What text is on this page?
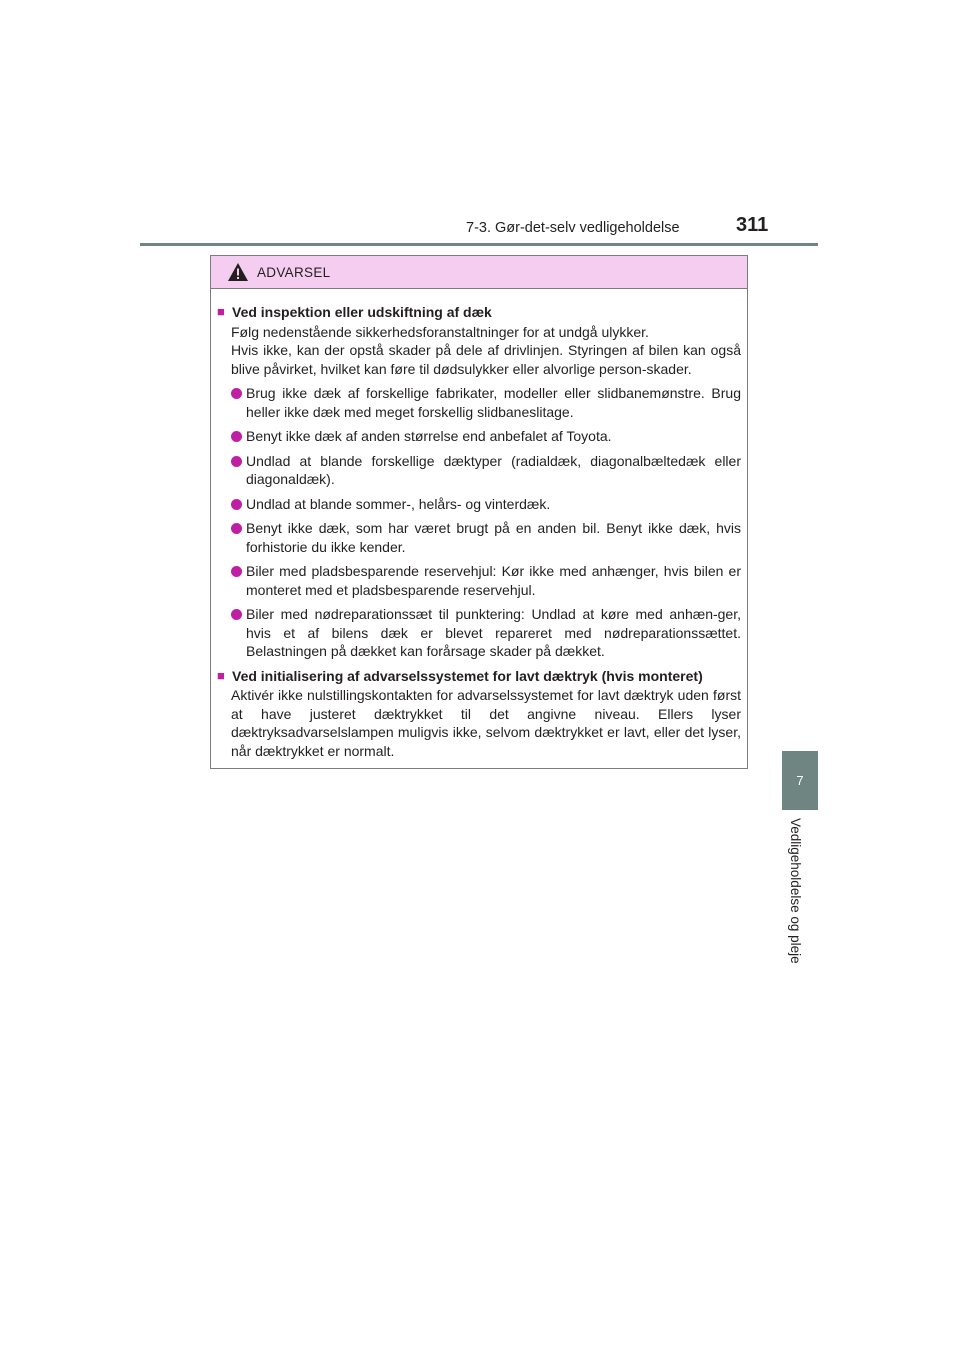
7-3. Gør-det-selv vedligeholdelse	311
7
Vedligeholdelse og pleje
ADVARSEL
■ Ved inspektion eller udskiftning af dæk
Følg nedenstående sikkerhedsforanstaltninger for at undgå ulykker.
Hvis ikke, kan der opstå skader på dele af drivlinjen. Styringen af bilen kan også blive påvirket, hvilket kan føre til dødsulykker eller alvorlige person-skader.
Brug ikke dæk af forskellige fabrikater, modeller eller slidbanemønstre. Brug heller ikke dæk med meget forskellig slidbaneslitage.
Benyt ikke dæk af anden størrelse end anbefalet af Toyota.
Undlad at blande forskellige dæktyper (radialdæk, diagonalbæltedæk eller diagonaldæk).
Undlad at blande sommer-, helårs- og vinterdæk.
Benyt ikke dæk, som har været brugt på en anden bil. Benyt ikke dæk, hvis forhistorie du ikke kender.
Biler med pladsbesparende reservehjul: Kør ikke med anhænger, hvis bilen er monteret med et pladsbesparende reservehjul.
Biler med nødreparationssæt til punktering: Undlad at køre med anhæn-ger, hvis et af bilens dæk er blevet repareret med nødreparationssættet. Belastningen på dækket kan forårsage skader på dækket.
■ Ved initialisering af advarselssystemet for lavt dæktryk (hvis monteret)
Aktivér ikke nulstillingskontakten for advarselssystemet for lavt dæktryk uden først at have justeret dæktrykket til det angivne niveau. Ellers lyser dæktryksadvarselslampen muligvis ikke, selvom dæktrykket er lavt, eller det lyser, når dæktrykket er normalt.
